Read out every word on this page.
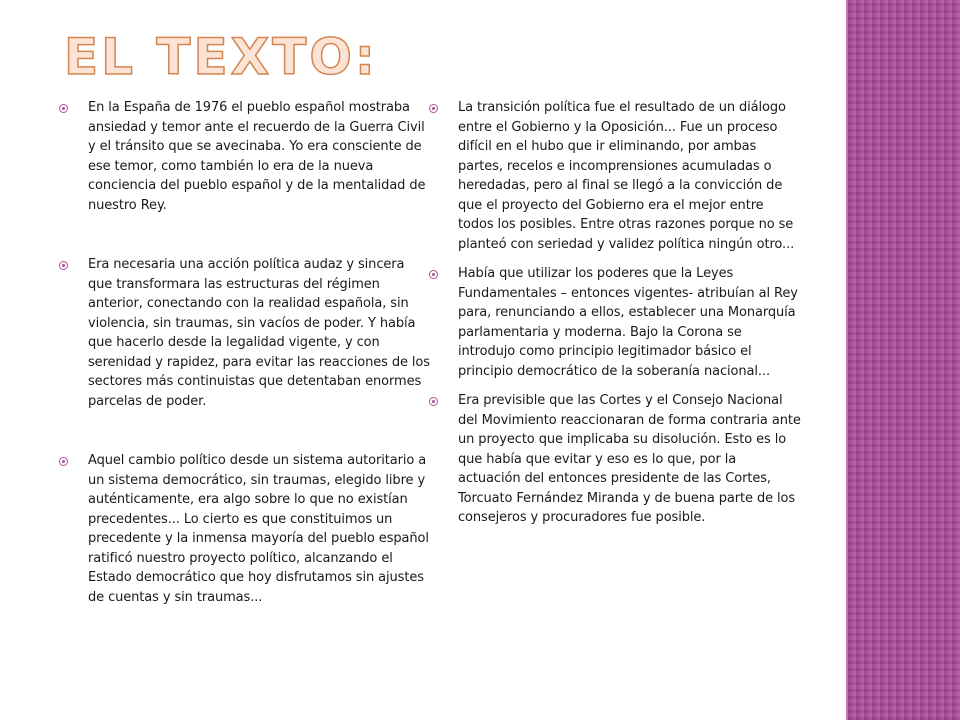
EL TEXTO:
En la España de 1976 el pueblo español mostraba ansiedad y temor ante el recuerdo de la Guerra Civil y el tránsito que se avecinaba. Yo era consciente de ese temor, como también lo era de la nueva conciencia del pueblo español y de la mentalidad de nuestro Rey.
Era necesaria una acción política audaz y sincera que transformara las estructuras del régimen anterior, conectando con la realidad española, sin violencia, sin traumas, sin vacíos de poder. Y había que hacerlo desde la legalidad vigente, y con serenidad y rapidez, para evitar las reacciones de los sectores más continuistas que detentaban enormes parcelas de poder.
Aquel cambio político desde un sistema autoritario a un sistema democrático, sin traumas, elegido libre y auténticamente, era algo sobre lo que no existían precedentes... Lo cierto es que constituimos un precedente y la inmensa mayoría del pueblo español ratificó nuestro proyecto político, alcanzando el Estado democrático que hoy disfrutamos sin ajustes de cuentas y sin traumas...
La transición política fue el resultado de un diálogo entre el Gobierno y la Oposición... Fue un proceso difícil en el hubo que ir eliminando, por ambas partes, recelos e incomprensiones acumuladas o heredadas, pero al final se llegó a la convicción de que el proyecto del Gobierno era el mejor entre todos los posibles. Entre otras razones porque no se planteó con seriedad y validez política ningún otro...
Había que utilizar los poderes que la Leyes Fundamentales – entonces vigentes- atribuían al Rey para, renunciando a ellos, establecer una Monarquía parlamentaria y moderna. Bajo la Corona se introdujo como principio legitimador básico el principio democrático de la soberanía nacional...
Era previsible que las Cortes y el Consejo Nacional del Movimiento reaccionaran de forma contraria ante un proyecto que implicaba su disolución. Esto es lo que había que evitar y eso es lo que, por la actuación del entonces presidente de las Cortes, Torcuato Fernández Miranda y de buena parte de los consejeros y procuradores fue posible.
